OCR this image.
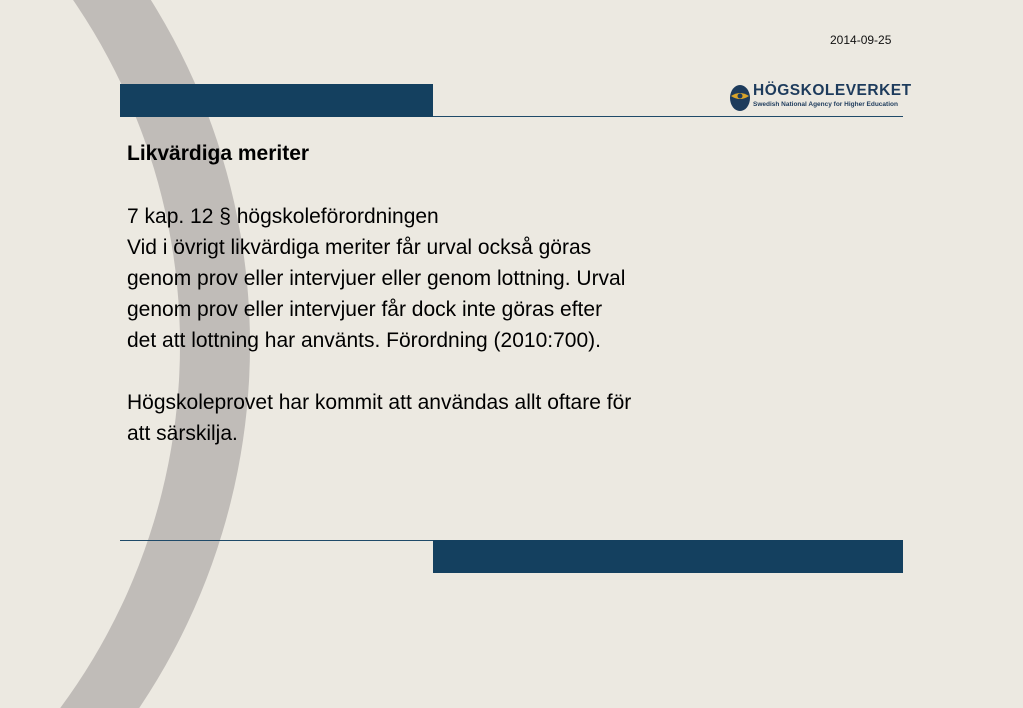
2014-09-25
HÖGSKOLEVERKET
Swedish National Agency for Higher Education

Likvärdiga meriter

7 kap. 12 § högskoleförordningen

Vid i övrigt likvärdiga meriter får urval också göras

genom prov eller intervjuer eller genom lottning. Urval

genom prov eller intervjuer får dock inte göras efter

det att lottning har använts. Förordning (2010:700).

Högskoleprovet har kommit att användas allt oftare för

att särskilja.
